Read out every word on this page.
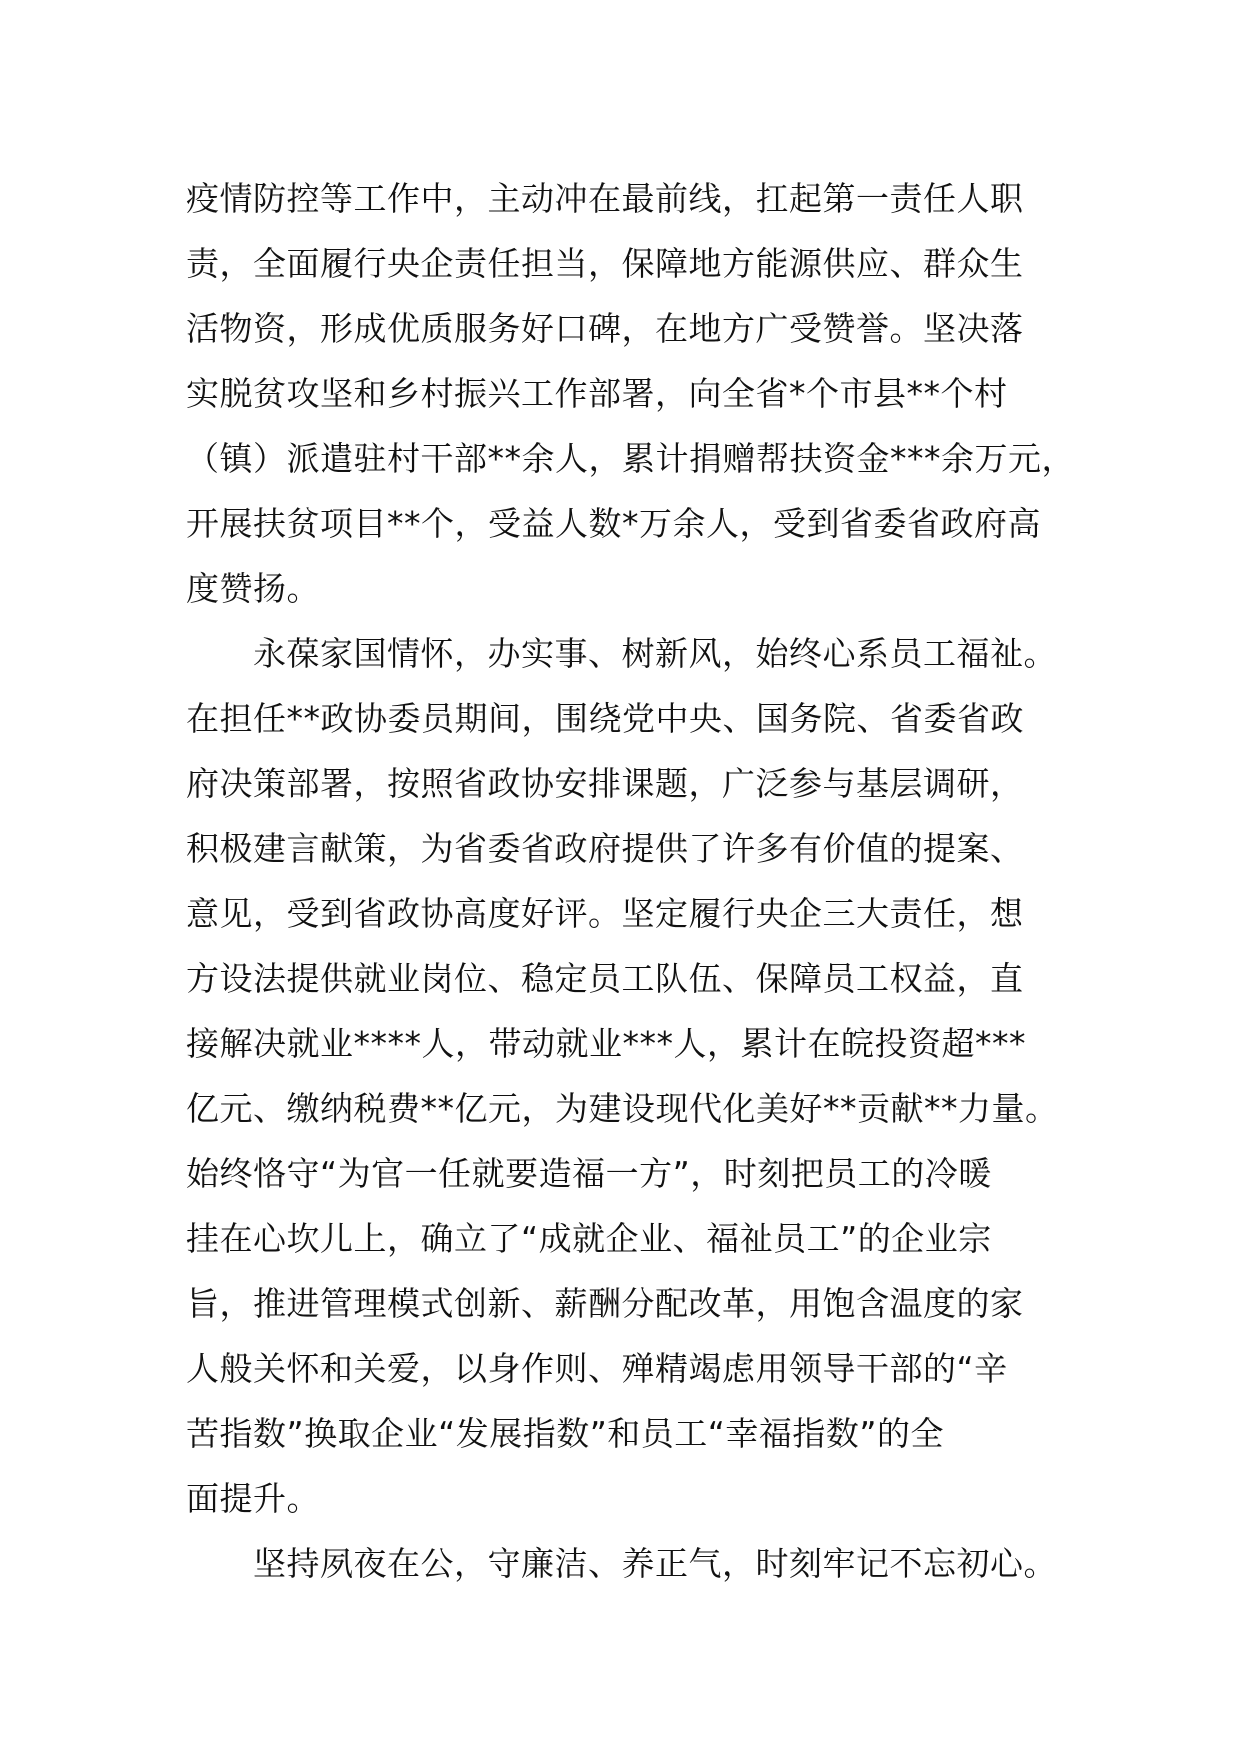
疫情防控等工作中，主动冲在最前线，扛起第一责任人职
责，全面履行央企责任担当，保障地方能源供应、群众生
活物资，形成优质服务好口碑，在地方广受赞誉。坚决落
实脱贫攻坚和乡村振兴工作部署，向全省*个市县**个村
（镇）派遣驻村干部**余人，累计捐赠帮扶资金***余万元，
开展扶贫项目**个，受益人数*万余人，受到省委省政府高
度赞扬。
永葆家国情怀，办实事、树新风，始终心系员工福祉。
在担任**政协委员期间，围绕党中央、国务院、省委省政
府决策部署，按照省政协安排课题，广泛参与基层调研，
积极建言献策，为省委省政府提供了许多有价值的提案、
意见，受到省政协高度好评。坚定履行央企三大责任，想
方设法提供就业岗位、稳定员工队伍、保障员工权益，直
接解决就业****人，带动就业***人，累计在皖投资超***
亿元、缴纳税费**亿元，为建设现代化美好**贡献**力量。
始终恪守“为官一任就要造福一方”，时刻把员工的冷暖
挂在心坎儿上，确立了“成就企业、福祉员工”的企业宗
旨，推进管理模式创新、薪酬分配改革，用饱含温度的家
人般关怀和关爱，以身作则、殚精竭虑用领导干部的“辛
苦指数”换取企业“发展指数”和员工“幸福指数”的全
面提升。
坚持夙夜在公，守廉洁、养正气，时刻牢记不忘初心。
